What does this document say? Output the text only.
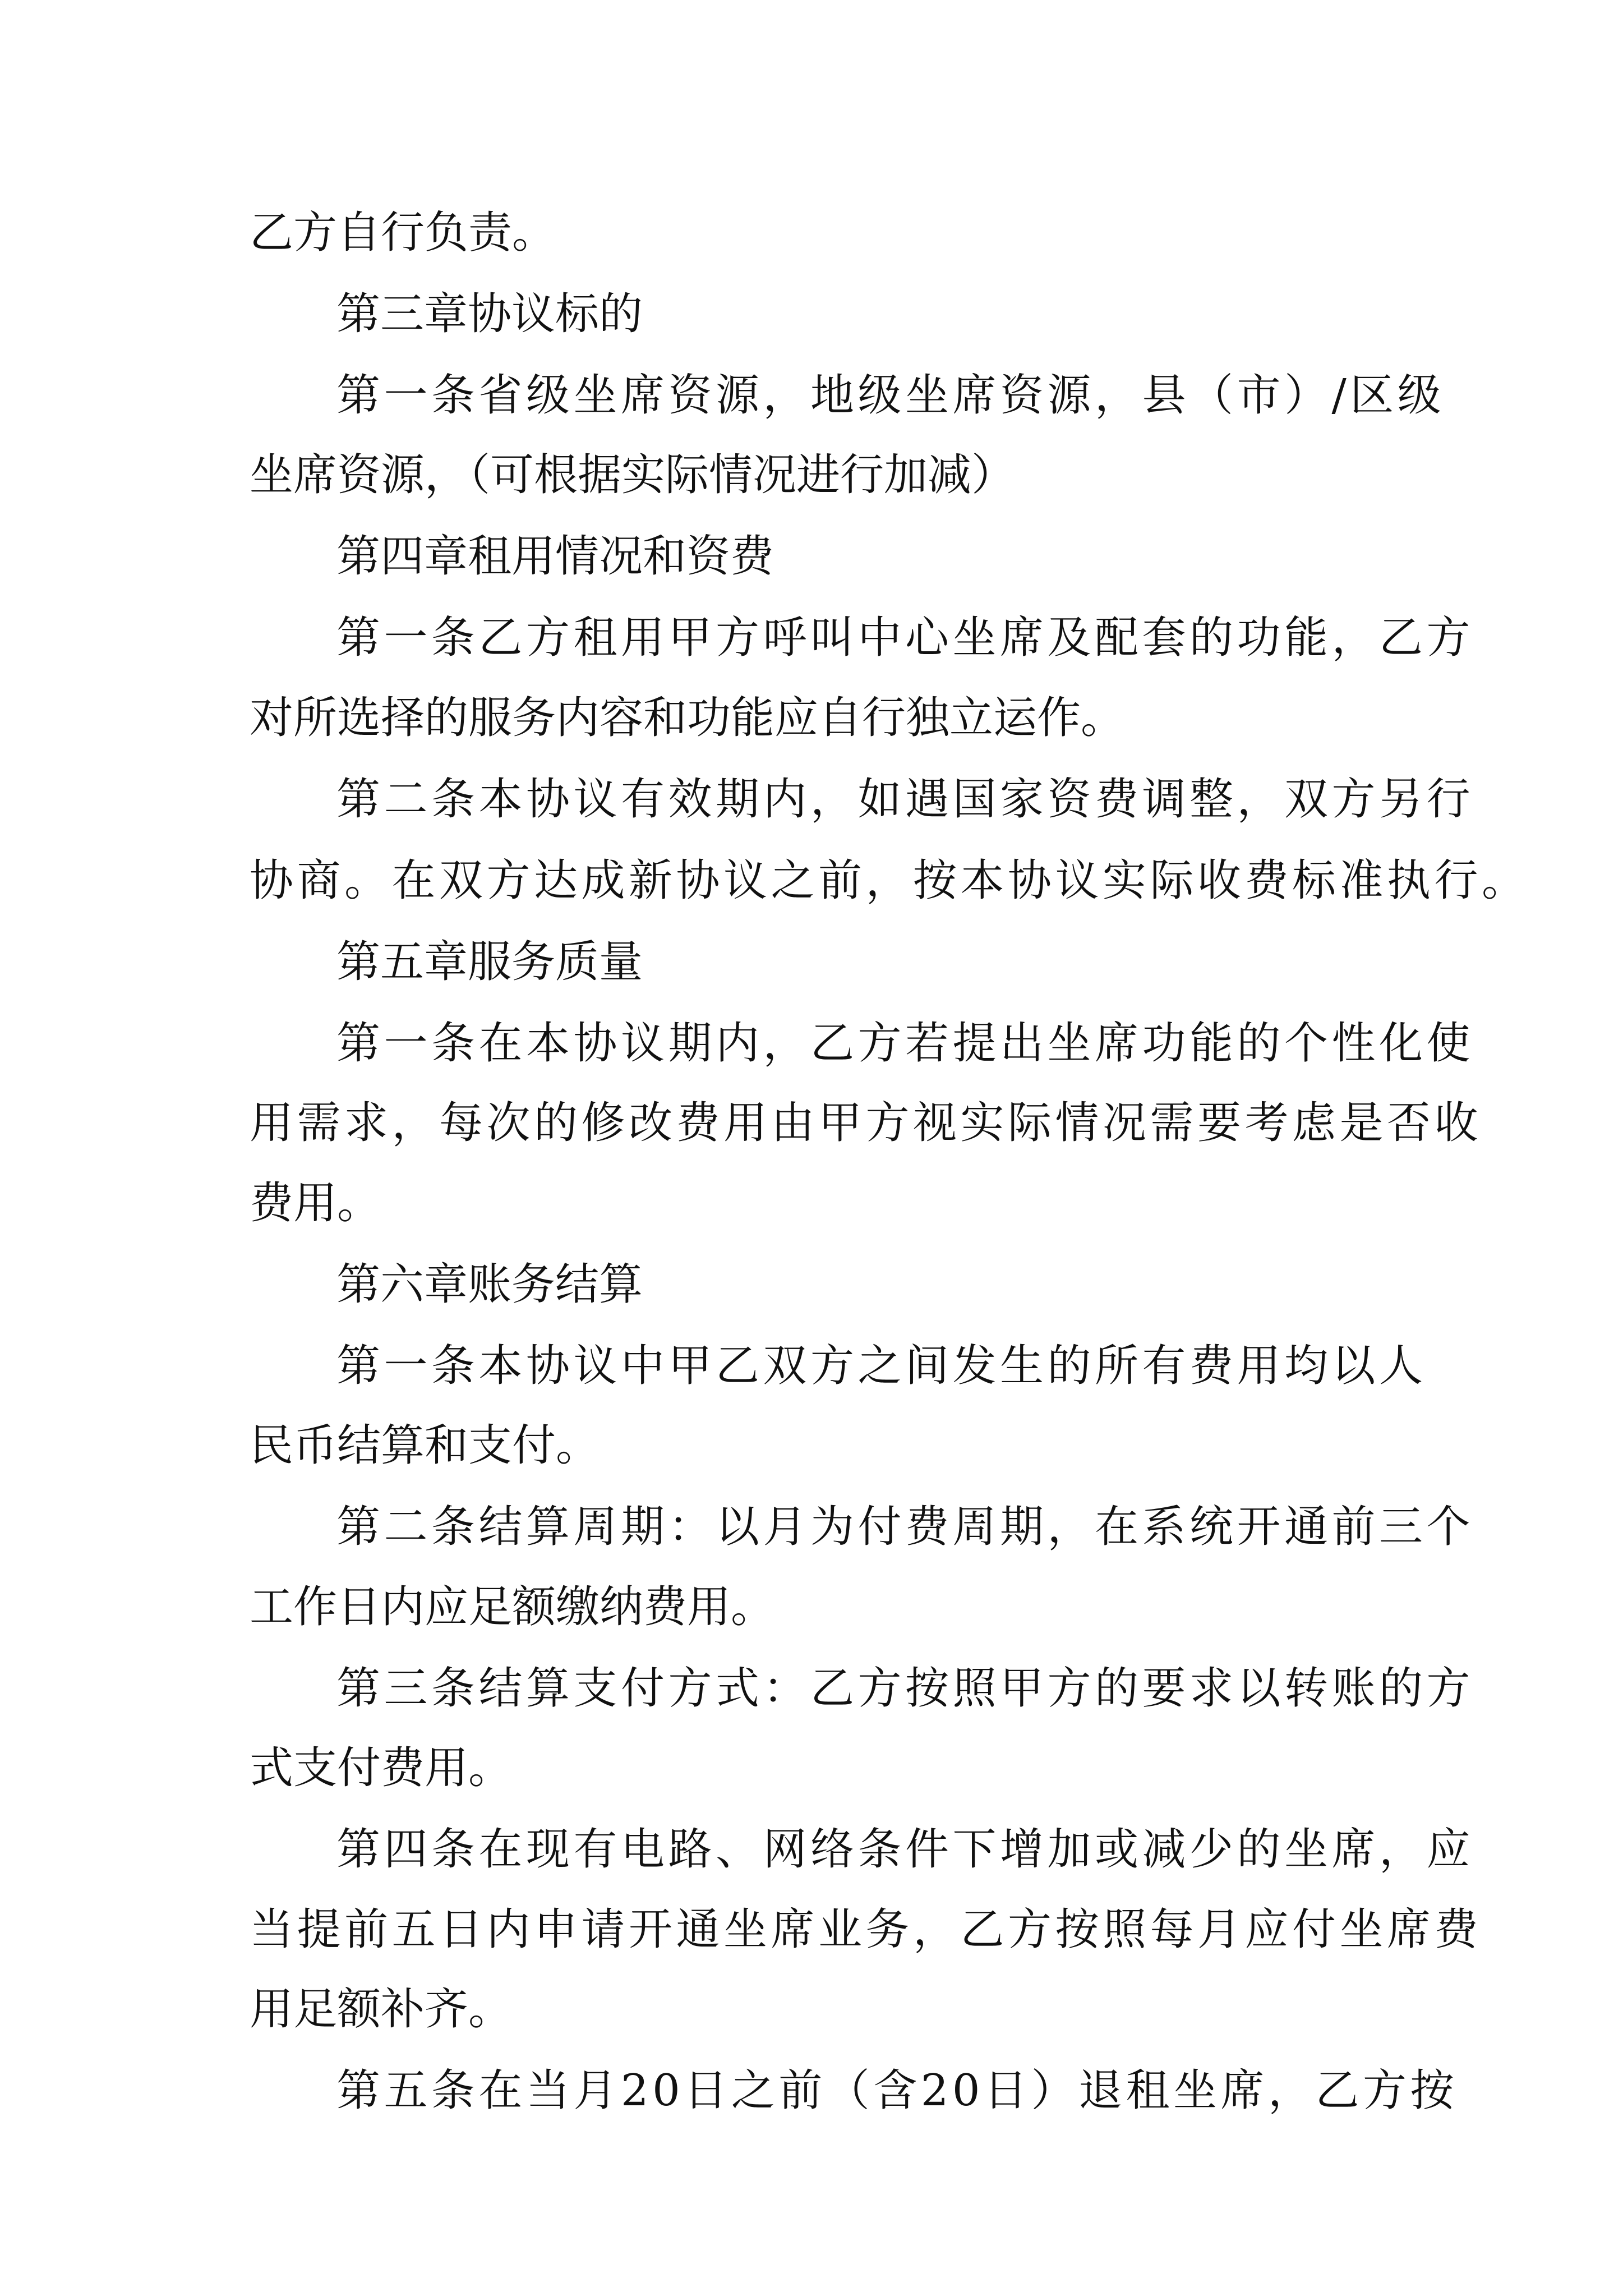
乙方自行负责。
第三章协议标的
第一条省级坐席资源，地级坐席资源，县（市）/区级
坐席资源，（可根据实际情况进行加减）
第四章租用情况和资费
第一条乙方租用甲方呼叫中心坐席及配套的功能，乙方
对所选择的服务内容和功能应自行独立运作。
第二条本协议有效期内，如遇国家资费调整，双方另行
协商。在双方达成新协议之前，按本协议实际收费标准执行。
第五章服务质量
第一条在本协议期内，乙方若提出坐席功能的个性化使
用需求，每次的修改费用由甲方视实际情况需要考虑是否收
费用。
第六章账务结算
第一条本协议中甲乙双方之间发生的所有费用均以人
民币结算和支付。
第二条结算周期：以月为付费周期，在系统开通前三个
工作日内应足额缴纳费用。
第三条结算支付方式：乙方按照甲方的要求以转账的方
式支付费用。
第四条在现有电路、网络条件下增加或减少的坐席，应
当提前五日内申请开通坐席业务，乙方按照每月应付坐席费
用足额补齐。
第五条在当月20日之前（含20日）退租坐席，乙方按
